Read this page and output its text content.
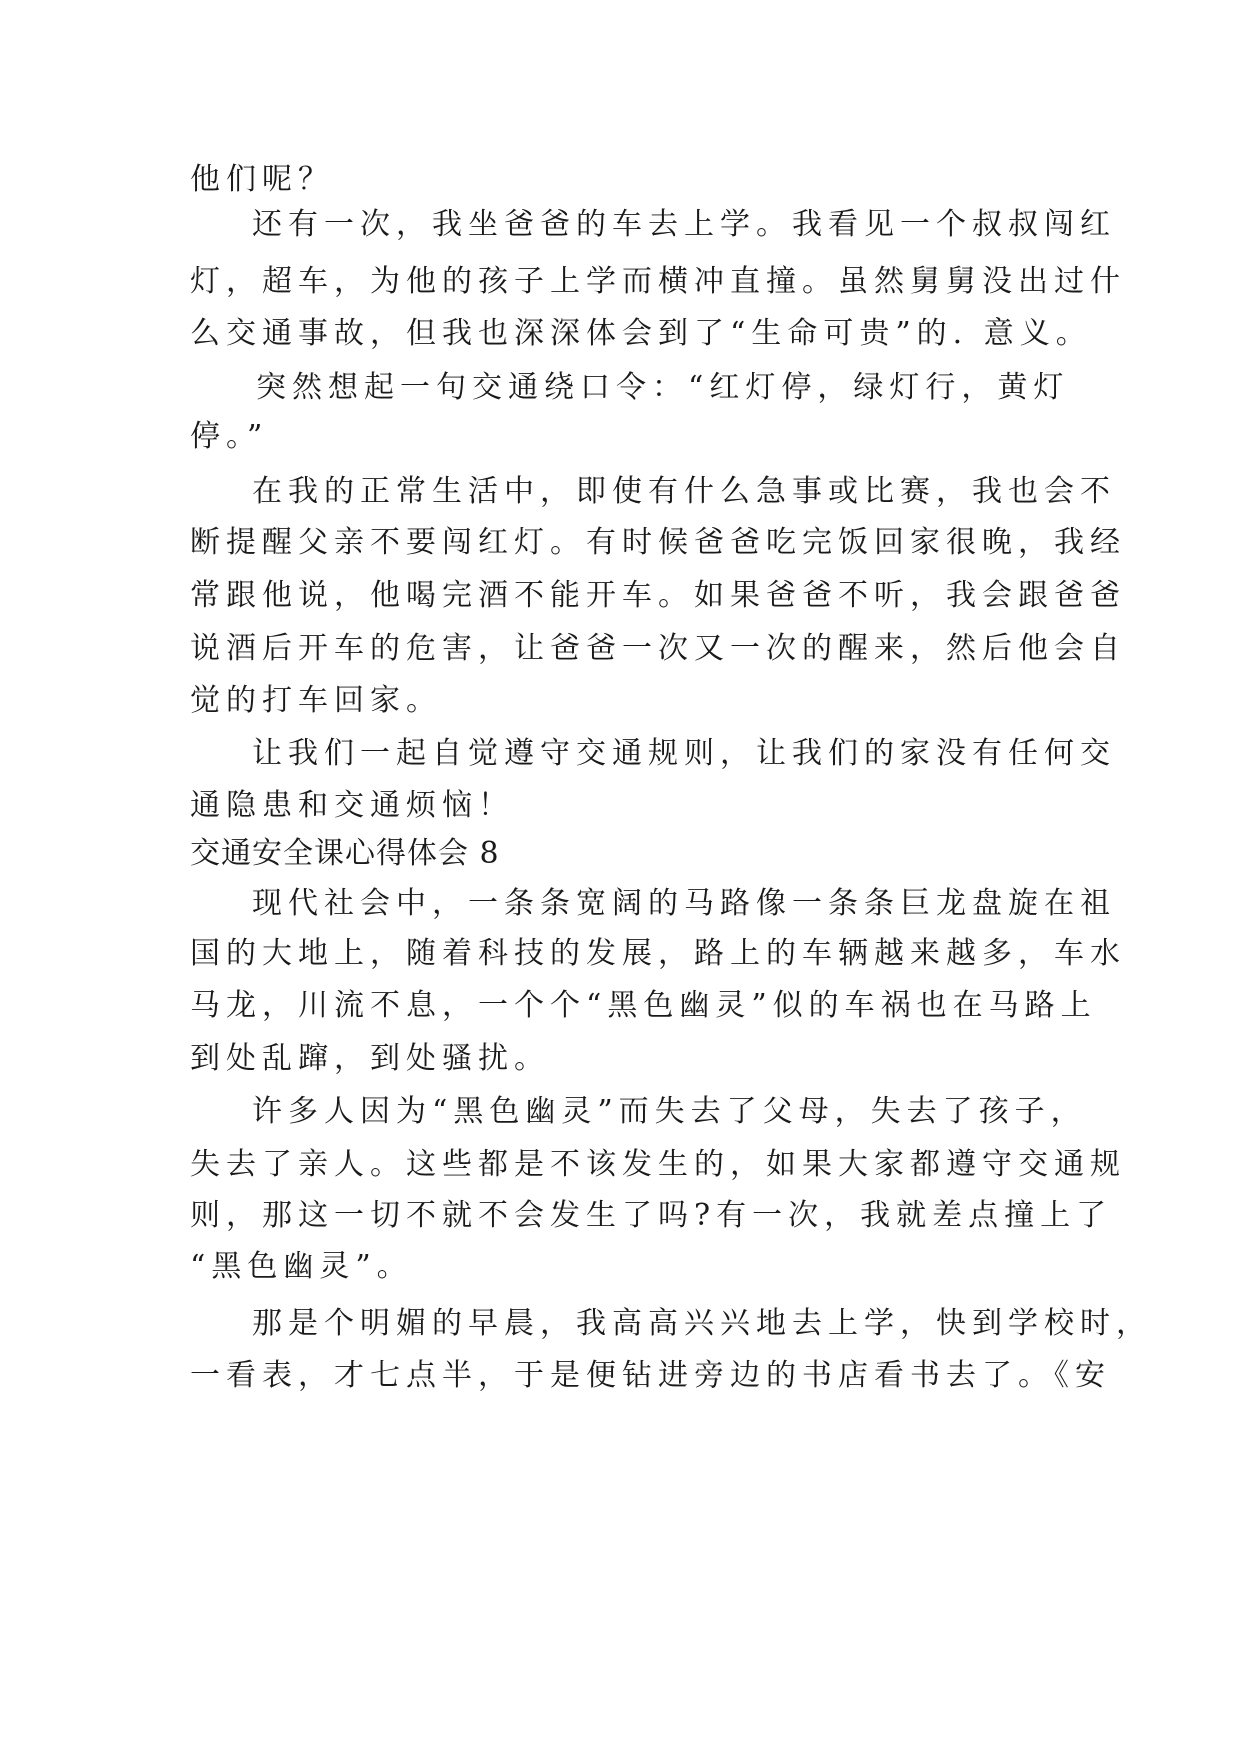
他们呢？
还有一次，我坐爸爸的车去上学。我看见一个叔叔闯红
灯，超车，为他的孩子上学而横冲直撞。虽然舅舅没出过什
么交通事故，但我也深深体会到了“生命可贵”的. 意义。
突然想起一句交通绕口令：“红灯停，绿灯行，黄灯
停。”
在我的正常生活中，即使有什么急事或比赛，我也会不
断提醒父亲不要闯红灯。有时候爸爸吃完饭回家很晚，我经
常跟他说，他喝完酒不能开车。如果爸爸不听，我会跟爸爸
说酒后开车的危害，让爸爸一次又一次的醒来，然后他会自
觉的打车回家。
让我们一起自觉遵守交通规则，让我们的家没有任何交
通隐患和交通烦恼！
交通安全课心得体会 8
现代社会中，一条条宽阔的马路像一条条巨龙盘旋在祖
国的大地上，随着科技的发展，路上的车辆越来越多，车水
马龙，川流不息，一个个“黑色幽灵”似的车祸也在马路上
到处乱蹿，到处骚扰。
许多人因为“黑色幽灵”而失去了父母，失去了孩子，
失去了亲人。这些都是不该发生的，如果大家都遵守交通规
则，那这一切不就不会发生了吗?有一次，我就差点撞上了
“黑色幽灵”。
那是个明媚的早晨，我高高兴兴地去上学，快到学校时，
一看表，才七点半，于是便钻进旁边的书店看书去了。《安
